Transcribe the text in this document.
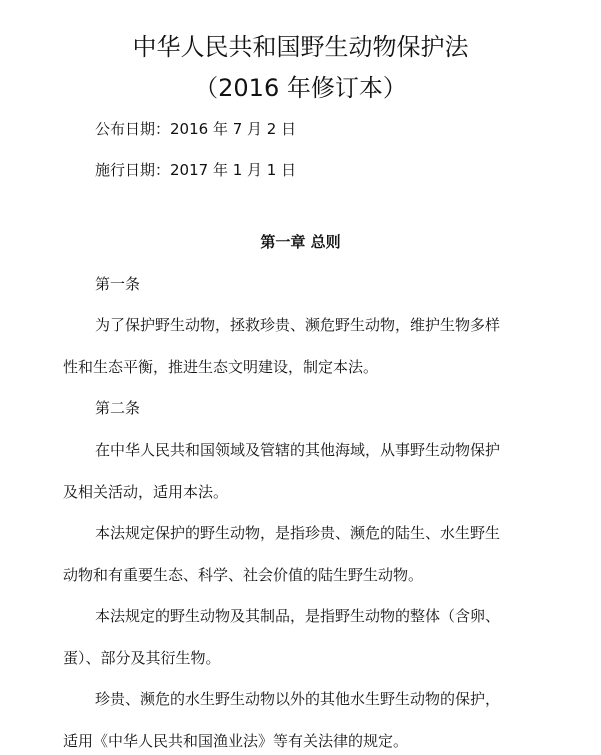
中华人民共和国野生动物保护法
（2016 年修订本）
公布日期：2016 年 7 月 2 日
施行日期：2017 年 1 月 1 日
第一章 总则
第一条
为了保护野生动物，拯救珍贵、濒危野生动物，维护生物多样
性和生态平衡，推进生态文明建设，制定本法。
第二条
在中华人民共和国领域及管辖的其他海域，从事野生动物保护
及相关活动，适用本法。
本法规定保护的野生动物，是指珍贵、濒危的陆生、水生野生
动物和有重要生态、科学、社会价值的陆生野生动物。
本法规定的野生动物及其制品，是指野生动物的整体（含卵、
蛋）、部分及其衍生物。
珍贵、濒危的水生野生动物以外的其他水生野生动物的保护，
适用《中华人民共和国渔业法》等有关法律的规定。
